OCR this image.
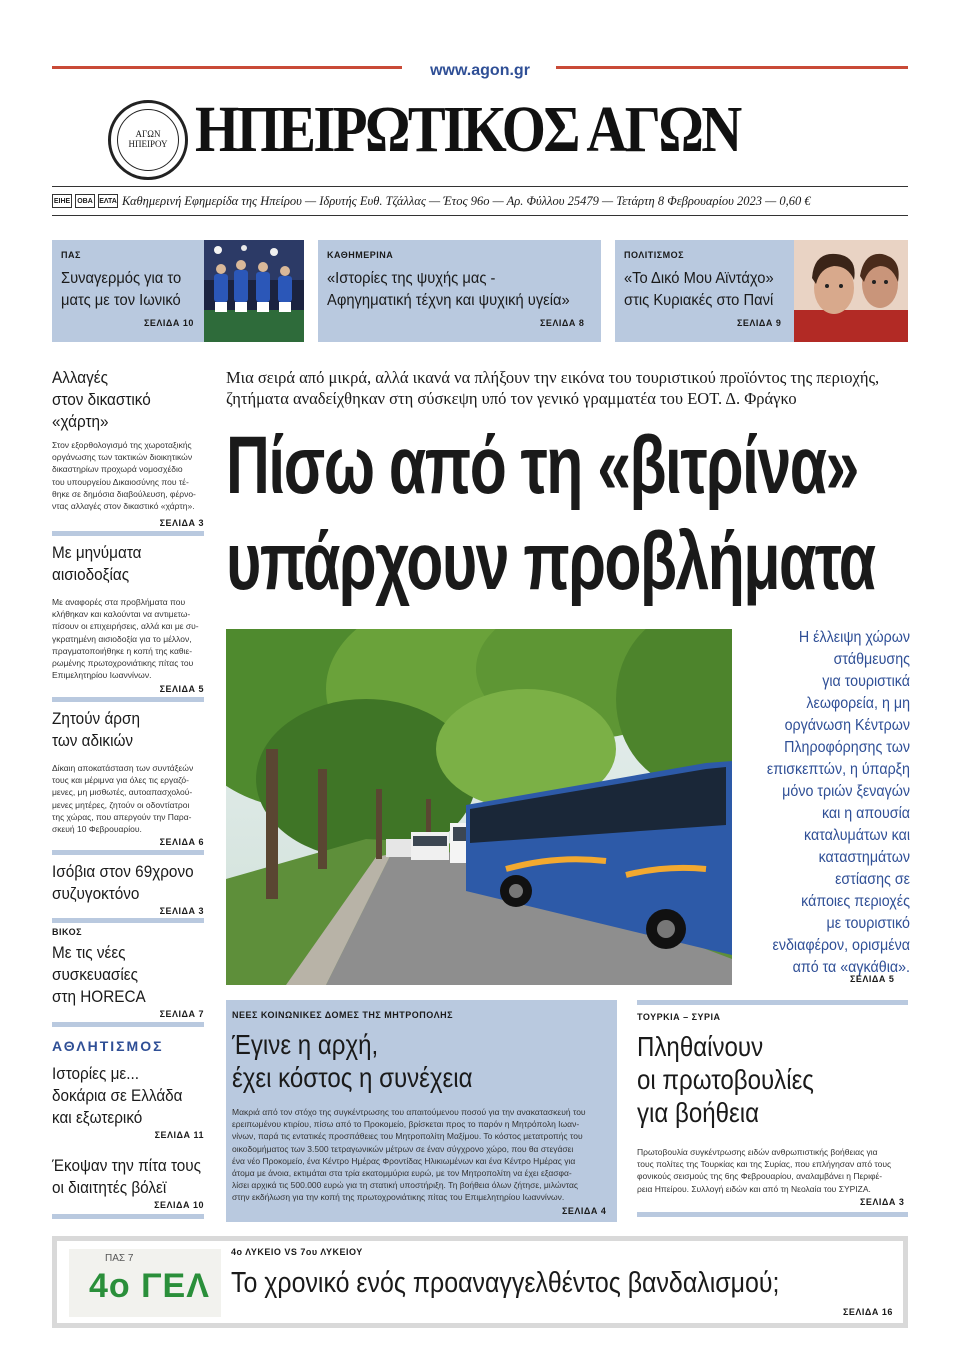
www.agon.gr
ΑΓΩΝ ΗΠΕΙΡΟΥ ΗΠΕΙΡΩΤΙΚΟΣ ΑΓΩΝ
ΕΙΗΕ	ΟΒΑ ΕΛΤΑ Καθημερινή Εφημερίδα της Ηπείρου — Ιδρυτής Ευθ. Τζάλλας — Έτος 96ο — Αρ. Φύλλου 25479 — Τετάρτη 8 Φεβρουαρίου 2023 — 0,60 €
ΠΑΣ
Συναγερμός για το
ματς με τον Ιωνικό
ΣΕΛΙΔΑ 10
ΚΑΘΗΜΕΡΙΝΑ
«Ιστορίες της ψυχής μας -
Αφηγηματική τέχνη και ψυχική υγεία»
ΣΕΛΙΔΑ 8
ΠΟΛΙΤΙΣΜΟΣ
«Το Δικό Μου Αϊντάχο»
στις Κυριακές στο Πανί
ΣΕΛΙΔΑ 9
Αλλαγές
στον δικαστικό
«χάρτη»
Στον εξορθολογισμό της χωροταξικής
οργάνωσης των τακτικών διοικητικών
δικαστηρίων προχωρά νομοσχέδιο
του υπουργείου Δικαιοσύνης που τέ-
θηκε σε δημόσια διαβούλευση, φέρνο-
ντας αλλαγές στον δικαστικό «χάρτη».
ΣΕΛΙΔΑ 3
Με μηνύματα
αισιοδοξίας
Με αναφορές στα προβλήματα που
κλήθηκαν και καλούνται να αντιμετω-
πίσουν οι επιχειρήσεις, αλλά και με συ-
γκρατημένη αισιοδοξία για το μέλλον,
πραγματοποιήθηκε η κοπή της καθιε-
ρωμένης πρωτοχρονιάτικης πίτας του
Επιμελητηρίου Ιωαννίνων.
ΣΕΛΙΔΑ 5
Ζητούν άρση
των αδικιών
Δίκαιη αποκατάσταση των συντάξεών
τους και μέριμνα για όλες τις εργαζό-
μενες, μη μισθωτές, αυτοαπασχολού-
μενες μητέρες, ζητούν οι οδοντίατροι
της χώρας, που απεργούν την Παρα-
σκευή 10 Φεβρουαρίου.
ΣΕΛΙΔΑ 6
Ισόβια στον 69χρονο
συζυγοκτόνο
ΣΕΛΙΔΑ 3
ΒΙΚΟΣ
Με τις νέες
συσκευασίες
στη HORECA
ΣΕΛΙΔΑ 7
ΑΘΛΗΤΙΣΜΟΣ
Ιστορίες με...
δοκάρια σε Ελλάδα
και εξωτερικό
ΣΕΛΙΔΑ 11
Έκοψαν την πίτα τους
οι διαιτητές βόλεϊ
ΣΕΛΙΔΑ 10
Μια σειρά από μικρά, αλλά ικανά να πλήξουν την εικόνα του τουριστικού προϊόντος της περιοχής,
ζητήματα αναδείχθηκαν στη σύσκεψη υπό τον γενικό γραμματέα του ΕΟΤ. Δ. Φράγκο
Πίσω από τη «βιτρίνα»
υπάρχουν προβλήματα
Η έλλειψη χώρων
στάθμευσης
για τουριστικά
λεωφορεία, η μη
οργάνωση Κέντρων
Πληροφόρησης των
επισκεπτών, η ύπαρξη
μόνο τριών ξεναγών
και η απουσία
καταλυμάτων και
καταστημάτων
εστίασης σε
κάποιες περιοχές
με τουριστικό
ενδιαφέρον, ορισμένα
από τα «αγκάθια».
ΣΕΛΙΔΑ 5
ΝΕΕΣ ΚΟΙΝΩΝΙΚΕΣ ΔΟΜΕΣ ΤΗΣ ΜΗΤΡΟΠΟΛΗΣ
Έγινε η αρχή,
έχει κόστος η συνέχεια
Μακριά από τον στόχο της συγκέντρωσης του απαιτούμενου ποσού για την ανακατασκευή του
ερειπωμένου κτιρίου, πίσω από το Προκομείο, βρίσκεται προς το παρόν η Μητρόπολη Ιωαν-
νίνων, παρά τις εντατικές προσπάθειες του Μητροπολίτη Μαξίμου. Το κόστος μετατροπής του
οικοδομήματος των 3.500 τετραγωνικών μέτρων σε έναν σύγχρονο χώρο, που θα στεγάσει
ένα νέο Προκομείο, ένα Κέντρο Ημέρας Φροντίδας Ηλικιωμένων και ένα Κέντρο Ημέρας για
άτομα με άνοια, εκτιμάται στα τρία εκατομμύρια ευρώ, με τον Μητροπολίτη να έχει εξασφα-
λίσει αρχικά τις 500.000 ευρώ για τη στατική υποστήριξη. Τη βοήθεια όλων ζήτησε, μιλώντας
στην εκδήλωση για την κοπή της πρωτοχρονιάτικης πίτας του Επιμελητηρίου Ιωαννίνων.
ΣΕΛΙΔΑ 4
ΤΟΥΡΚΙΑ – ΣΥΡΙΑ
Πληθαίνουν
οι πρωτοβουλίες
για βοήθεια
Πρωτοβουλία συγκέντρωσης ειδών ανθρωπιστικής βοήθειας για
τους πολίτες της Τουρκίας και της Συρίας, που επλήγησαν από τους
φονικούς σεισμούς της 6ης Φεβρουαρίου, αναλαμβάνει η Περιφέ-
ρεια Ηπείρου. Συλλογή ειδών και από τη Νεολαία του ΣΥΡΙΖΑ.
ΣΕΛΙΔΑ 3
ΠΑΣ 7
4ο ΓΕΛ
4ο ΛΥΚΕΙΟ VS 7ου ΛΥΚΕΙΟΥ
Το χρονικό ενός προαναγγελθέντος βανδαλισμού;
ΣΕΛΙΔΑ 16
